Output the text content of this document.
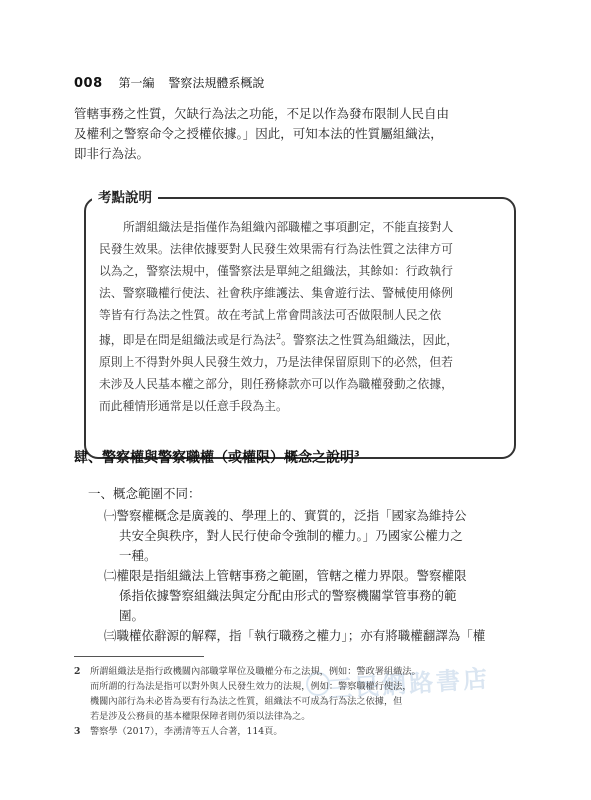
008 第一編 警察法規體系概說
管轄事務之性質，欠缺行為法之功能，不足以作為發布限制人民自由
及權利之警察命令之授權依據。」因此，可知本法的性質屬組織法，
即非行為法。
考點說明
所謂組織法是指僅作為組織內部職權之事項劃定，不能直接對人
民發生效果。法律依據要對人民發生效果需有行為法性質之法律方可
以為之，警察法規中，僅警察法是單純之組織法，其餘如：行政執行
法、警察職權行使法、社會秩序維護法、集會遊行法、警械使用條例
等皆有行為法之性質。故在考試上常會問該法可否做限制人民之依
據，即是在問是組織法或是行為法$^2$。警察法之性質為組織法，因此，
原則上不得對外與人民發生效力，乃是法律保留原則下的必然，但若
未涉及人民基本權之部分，則任務條款亦可以作為職權發動之依據，
而此種情形通常是以任意手段為主。
肆、警察權與警察職權（或權限）概念之說明$^3$
一、概念範圍不同：
㈠警察權概念是廣義的、學理上的、實質的，泛指「國家為維持公
共安全與秩序，對人民行使命令強制的權力。」乃國家公權力之
一種。
㈡權限是指組織法上管轄事務之範圍，管轄之權力界限。警察權限
係指依據警察組織法與定分配由形式的警察機關掌管事務的範
圍。
㈢職權依辭源的解釋，指「執行職務之權力」；亦有將職權翻譯為「權
三民網路書店
2 所謂組織法是指行政機關內部職掌單位及職權分布之法規，例如：警政署組織法。
而所謂的行為法是指可以對外與人民發生效力的法規，例如：警察職權行使法，
機關內部行為未必皆為要有行為法之性質，組織法不可成為行為法之依據，但
若是涉及公務員的基本權限保障者則仍須以法律為之。
3 警察學（2017），李湧清等五人合著，114頁。
